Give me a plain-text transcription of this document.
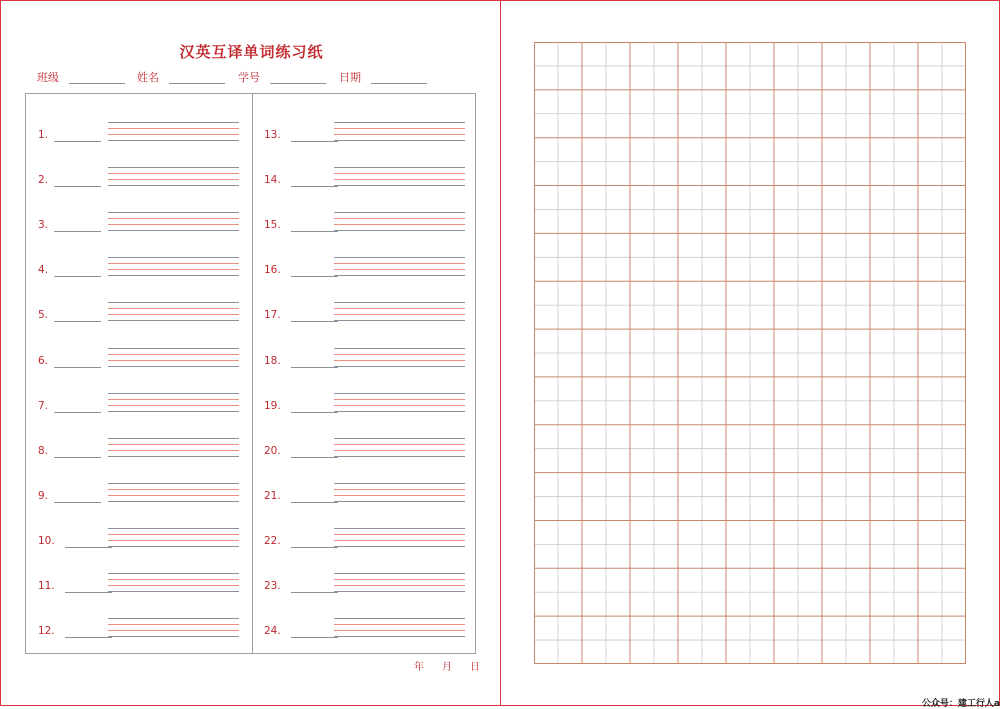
汉英互译单词练习纸
班级	姓名	学号	日期
1.
2.
3.
4.
5.
6.
7.
8.
9.
10.
11.
12.
13.
14.
15.
16.
17.
18.
19.
20.
21.
22.
23.
24.
年 月 日
公众号：建工行人a
